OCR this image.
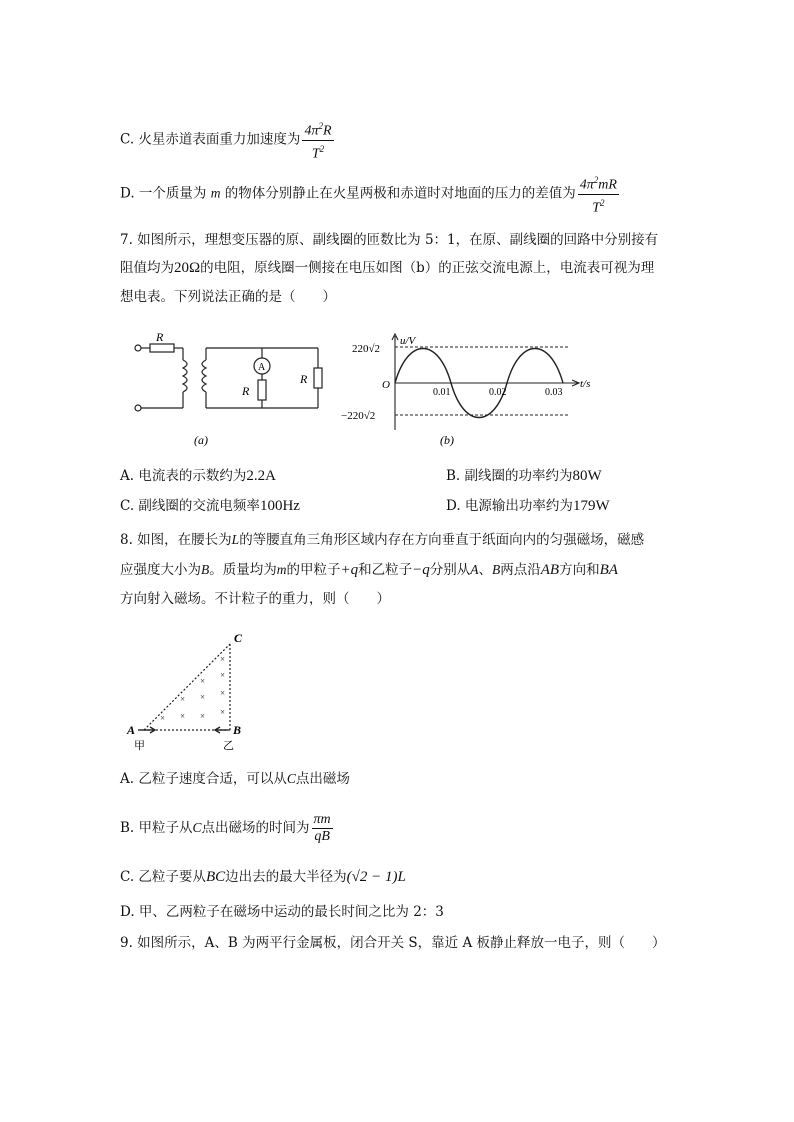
C. 火星赤道表面重力加速度为 $\frac{4\pi^2R}{T^2}$
D. 一个质量为 m 的物体分别静止在火星两极和赤道时对地面的压力的差值为 $\frac{4\pi^2mR}{T^2}$
7. 如图所示，理想变压器的原、副线圈的匝数比为 5：1，在原、副线圈的回路中分别接有
阻值均为20Ω的电阻，原线圈一侧接在电压如图（b）的正弦交流电源上，电流表可视为理
想电表。下列说法正确的是（　　）
R
A
R
R
(a)
u/V
220√2
−220√2
O	t/s
0.01	0.02	0.03
(b)
A. 电流表的示数约为2.2A	B. 副线圈的功率约为80W
C. 副线圈的交流电频率100Hz	D. 电源输出功率约为179W
8. 如图，在腰长为L的等腰直角三角形区域内存在方向垂直于纸面向内的匀强磁场，磁感
应强度大小为B。质量均为m的甲粒子+q和乙粒子−q分别从A、B两点沿AB方向和BA
方向射入磁场。不计粒子的重力，则（　　）
×
×
×
×
×
×
×
×
×
×
C
A	B
甲	乙
A. 乙粒子速度合适，可以从C点出磁场
B. 甲粒子从C点出磁场的时间为 $\frac{\pi m}{qB}$
C. 乙粒子要从BC边出去的最大半径为(√2 − 1)L
D. 甲、乙两粒子在磁场中运动的最长时间之比为 2：3
9. 如图所示，A、B 为两平行金属板，闭合开关 S，靠近 A 板静止释放一电子，则（　　）
